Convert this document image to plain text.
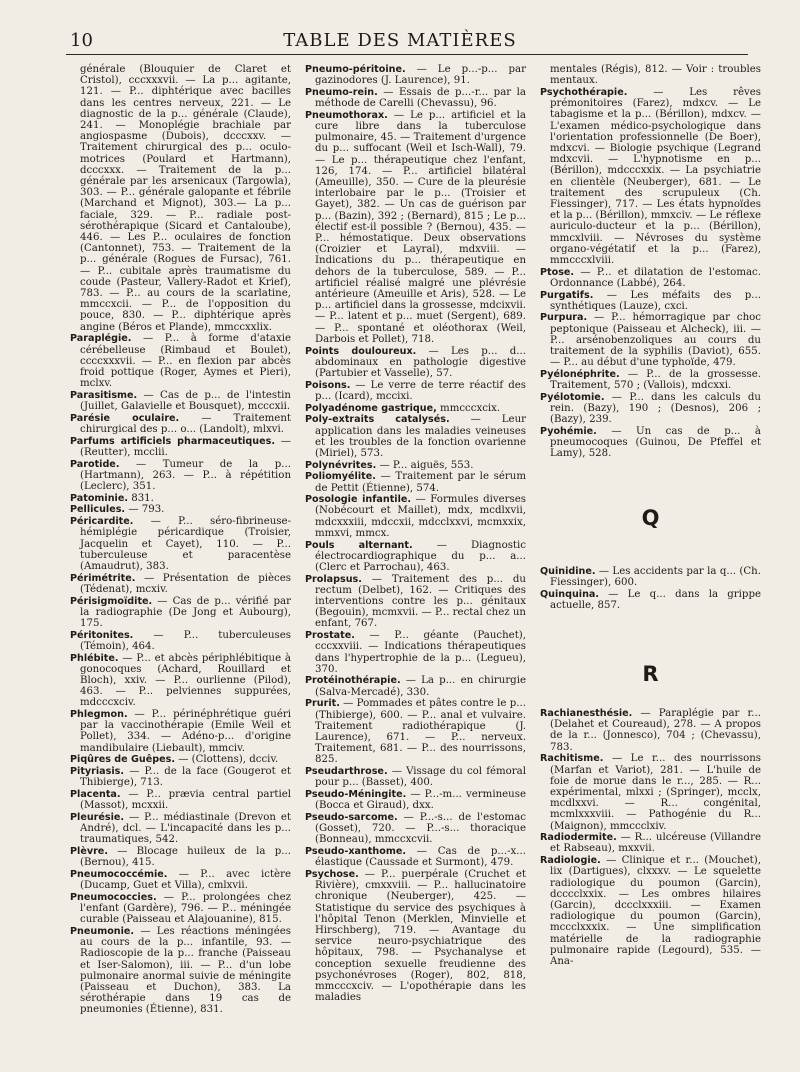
10	TABLE DES MATIÈRES

générale (Blouquier de Claret et Cristol), cccxxxvii. — La p... agitante, 121. — P... diphtérique avec bacilles dans les centres nerveux, 221. — Le diagnostic de la p... générale (Claude), 241. — Monoplégie brachiale par angiospasme (Dubois), dcccxxv. — Traitement chirurgical des p... oculo-motrices (Poulard et Hartmann), dcccxxx. — Traitement de la p... générale par les arsenicaux (Targowla), 303. — P... générale galopante et fébrile (Marchand et Mignot), 303.— La p... faciale, 329. — P... radiale post-sérothérapique (Sicard et Cantaloube), 446. — Les P... oculaires de fonction (Cantonnet), 753. — Traitement de la p... générale (Rogues de Fursac), 761. — P... cubitale après traumatisme du coude (Pasteur, Vallery-Radot et Krief), 783. — P... au cours de la scarlatine, mmccxcii. — P... de l'opposition du pouce, 830. — P... diphtérique après angine (Béros et Plande), mmccxxlix.

Paraplégie. — P... à forme d'ataxie cérébelleuse (Rimbaud et Boulet), ccccxxxvii. — P... en flexion par abcès froid pottique (Roger, Aymes et Pieri), mclxv.

Parasitisme. — Cas de p... de l'intestin (Juillet, Galavielle et Bousquet), mcccxii.

Parésie oculaire. — Traitement chirurgical des p... o... (Landolt), mlxvi.

Parfums artificiels pharmaceutiques. — (Reutter), mcclii.

Parotide. — Tumeur de la p... (Hartmann), 263. — P... à répétition (Leclerc), 351.

Patominie. 831.

Pellicules. — 793.

Péricardite. — P... séro-fibrineuse-hémiplégie péricardique (Troisier, Jacquelin et Cayet), 110. — P... tuberculeuse et paracentèse (Amaudrut), 383.

Périmétrite. — Présentation de pièces (Tédenat), mcxiv.

Périsigmoïdite. — Cas de p... vérifié par la radiographie (De Jong et Aubourg), 175.

Péritonites. — P... tuberculeuses (Témoin), 464.

Phlébite. — P... et abcès périphlébitique à gonocoques (Achard, Rouillard et Bloch), xxiv. — P... ourlienne (Pilod), 463. — P... pelviennes suppurées, mdcccxciv.

Phlegmon. — P... périnéphrétique guéri par la vaccinothérapie (Emile Weil et Pollet), 334. — Adéno-p... d'origine mandibulaire (Liebault), mmciv.

Piqûres de Guêpes. — (Clottens), dcciv.

Pityriasis. — P... de la face (Gougerot et Thibierge), 713.

Placenta. — P... prævia central partiel (Massot), mcxxii.

Pleurésie. — P... médiastinale (Drevon et André), dcl. — L'incapacité dans les p... traumatiques, 542.

Plèvre. — Blocage huileux de la p... (Bernou), 415.

Pneumococcémie. — P... avec ictère (Ducamp, Guet et Villa), cmlxvii.

Pneumococcies. — P... prolongées chez l'enfant (Gardère), 796. — P... méningée curable (Paisseau et Alajouanine), 815.

Pneumonie. — Les réactions méningées au cours de la p... infantile, 93. — Radioscopie de la p... franche (Paisseau et Iser-Salomon), iii. — P... d'un lobe pulmonaire anormal suivie de méningite (Paisseau et Duchon), 383. La sérothérapie dans 19 cas de pneumonies (Étienne), 831.

Pneumo-péritoine. — Le p...-p... par gazinodores (J. Laurence), 91.

Pneumo-rein. — Essais de p...-r... par la méthode de Carelli (Chevassu), 96.

Pneumothorax. — Le p... artificiel et la cure libre dans la tuberculose pulmonaire, 45. — Traitement d'urgence du p... suffocant (Weil et Isch-Wall), 79. — Le p... thérapeutique chez l'enfant, 126, 174. — P... artificiel bilatéral (Ameuille), 350. — Cure de la pleurésie interlobaire par le p... (Troisier et Gayet), 382. — Un cas de guérison par p... (Bazin), 392 ; (Bernard), 815 ; Le p... électif est-il possible ? (Bernou), 435. — P... hémostatique. Deux observations (Croizier et Layral), mdxviii. — Indications du p... thérapeutique en dehors de la tuberculose, 589. — P... artificiel réalisé malgré une plévrésie antérieure (Ameuille et Aris), 528. — Le p... artificiel dans la grossesse, mdcixvii. — P... latent et p... muet (Sergent), 689. — P... spontané et oléothorax (Weil, Darbois et Pollet), 718.

Points douloureux. — Les p... d... abdominaux en pathologie digestive (Partubier et Vasselle), 57.

Poisons. — Le verre de terre réactif des p... (Icard), mccixi.

Polyadénome gastrique, mmcccxcix.

Poly-extraits catalysés. — Leur application dans les maladies veineuses et les troubles de la fonction ovarienne (Miriel), 573.

Polynévrites. — P... aiguës, 553.

Poliomyélite. — Traitement par le sérum de Pettit (Étienne), 574.

Posologie infantile. — Formules diverses (Nobécourt et Maillet), mdx, mcdlxvii, mdcxxxiii, mdccxii, mdcclxxvi, mcmxxix, mmxvi, mmcx.

Pouls alternant. — Diagnostic électrocardiographique du p... a... (Clerc et Parrochau), 463.

Prolapsus. — Traitement des p... du rectum (Delbet), 162. — Critiques des interventions contre les p... génitaux (Begouin), mcmxvii. — P... rectal chez un enfant, 767.

Prostate. — P... géante (Pauchet), cccxxviii. — Indications thérapeutiques dans l'hypertrophie de la p... (Legueu), 370.

Protéinothérapie. — La p... en chirurgie (Salva-Mercadé), 330.

Prurit. — Pommades et pâtes contre le p... (Thibierge), 600. — P... anal et vulvaire. Traitement radiothérapique (J. Laurence), 671. — P... nerveux. Traitement, 681. — P... des nourrissons, 825.

Pseudarthrose. — Vissage du col fémoral pour p... (Basset), 400.

Pseudo-Méningite. — P...-m... vermineuse (Bocca et Giraud), dxx.

Pseudo-sarcome. — P...-s... de l'estomac (Gosset), 720. — P...-s... thoracique (Bonneau), mmccxcvii.

Pseudo-xanthome. — Cas de p...-x... élastique (Caussade et Surmont), 479.

Psychose. — P... puerpérale (Cruchet et Rivière), cmxxviii. — P... hallucinatoire chronique (Neuberger), 425. — Statistique du service des psychiques à l'hôpital Tenon (Merklen, Minvielle et Hirschberg), 719. — Avantage du service neuro-psychiatrique des hôpitaux, 798. — Psychanalyse et conception sexuelle freudienne des psychonévroses (Roger), 802, 818, mmcccxciv. — L'opothérapie dans les maladies

mentales (Régis), 812. — Voir : troubles mentaux.

Psychothérapie. — Les rêves prémonitoires (Farez), mdxcv. — Le tabagisme et la p... (Bérillon), mdxcv. — L'examen médico-psychologique dans l'orientation professionnelle (De Boer), mdxcvi. — Biologie psychique (Legrand mdxcvii. — L'hypnotisme en p... (Bérillon), mdcccxxix. — La psychiatrie en clientèle (Neuberger), 681. — Le traitement des scrupuleux (Ch. Fiessinger), 717. — Les états hypnoïdes et la p... (Bérillon), mmxciv. — Le réflexe auriculo-ducteur et la p... (Bérillon), mmcxlviii. — Névroses du système organo-végétatif et la p... (Farez), mmcccxlviii.

Ptose. — P... et dilatation de l'estomac. Ordonnance (Labbé), 264.

Purgatifs. — Les méfaits des p... synthétiques (Lauze), cxci.

Purpura. — P... hémorragique par choc peptonique (Paisseau et Alcheck), iii. — P... arsénobenzoliques au cours du traitement de la syphilis (Daviot), 655. — P... au début d'une typhoïde, 479.

Pyélonéphrite. — P... de la grossesse. Traitement, 570 ; (Vallois), mdcxxi.

Pyélotomie. — P... dans les calculs du rein. (Bazy), 190 ; (Desnos), 206 ; (Bazy), 239.

Pyohémie. — Un cas de p... à pneumocoques (Guinou, De Pfeffel et Lamy), 528.

Q

Quinidine. — Les accidents par la q... (Ch. Fiessinger), 600.

Quinquina. — Le q... dans la grippe actuelle, 857.

R

Rachianesthésie. — Paraplégie par r... (Delahet et Coureaud), 278. — A propos de la r... (Jonnesco), 704 ; (Chevassu), 783.

Rachitisme. — Le r... des nourrissons (Marfan et Variot), 281. — L'huile de foie de morue dans le r..., 285. — R... expérimental, mlxxi ; (Springer), mcclx, mcdlxxvi. — R... congénital, mcmlxxxviii. — Pathogénie du R... (Maignon), mmccclxiv.

Radiodermite. — R... ulcéreuse (Villandre et Rabseau), mxxvii.

Radiologie. — Clinique et r... (Mouchet), lix (Dartigues), clxxxv. — Le squelette radiologique du poumon (Garcin), dcccclxxix. — Les ombres hilaires (Garcin), dccclxxxiii. — Examen radiologique du poumon (Garcin), mccclxxxix. — Une simplification matérielle de la radiographie pulmonaire rapide (Legourd), 535. — Ana-
